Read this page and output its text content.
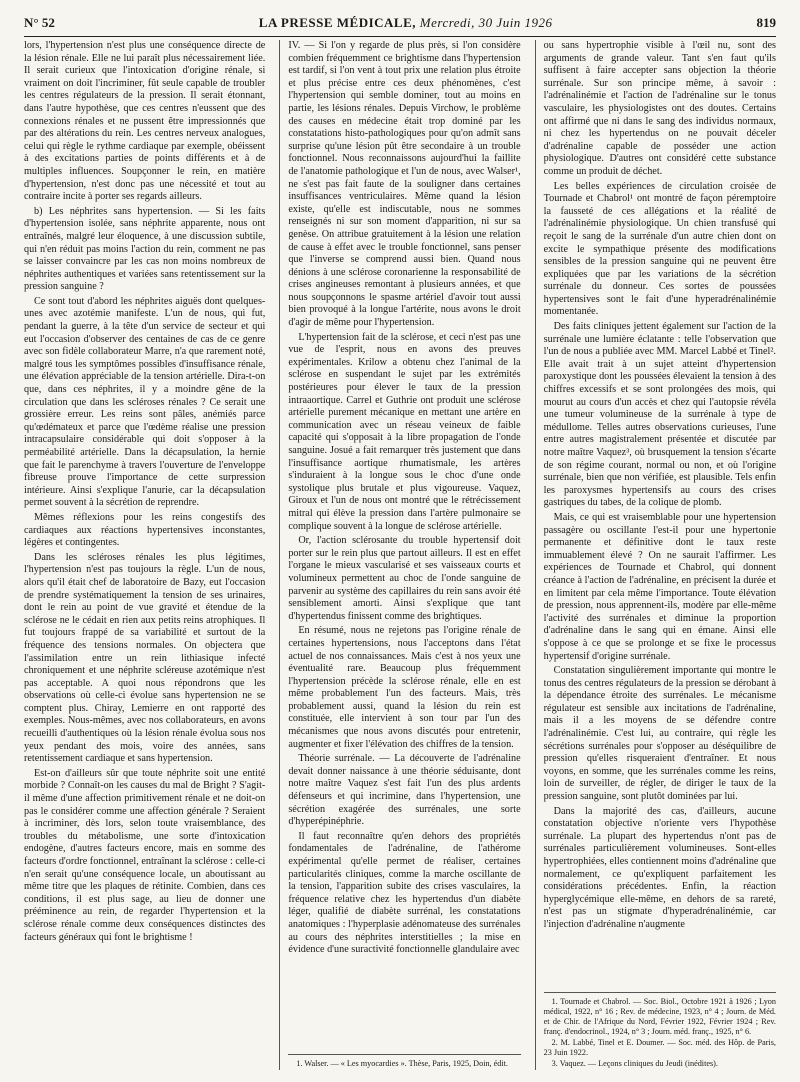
N° 52	LA PRESSE MÉDICALE, Mercredi, 30 Juin 1926	819

lors, l'hypertension n'est plus une conséquence directe de la lésion rénale. Elle ne lui paraît plus nécessairement liée. Il serait curieux que l'intoxication d'origine rénale, si vraiment on doit l'incriminer, fût seule capable de troubler les centres régulateurs de la pression. Il serait étonnant, dans l'autre hypothèse, que ces centres n'eussent que des connexions rénales et ne pussent être impressionnés que par des altérations du rein. Les centres nerveux analogues, celui qui règle le rythme cardiaque par exemple, obéissent à des excitations parties de points différents et à de multiples influences. Soupçonner le rein, en matière d'hypertension, n'est donc pas une nécessité et tout au contraire incite à porter ses regards ailleurs.

b) Les néphrites sans hypertension. — Si les faits d'hypertension isolée, sans néphrite apparente, nous ont entraînés, malgré leur éloquence, à une discussion subtile, qui n'en réduit pas moins l'action du rein, comment ne pas se laisser convaincre par les cas non moins nombreux de néphrites authentiques et variées sans retentissement sur la pression sanguine ?

Ce sont tout d'abord les néphrites aiguës dont quelques-unes avec azotémie manifeste. L'un de nous, qui fut, pendant la guerre, à la tête d'un service de secteur et qui eut l'occasion d'observer des centaines de cas de ce genre avec son fidèle collaborateur Marre, n'a que rarement noté, malgré tous les symptômes possibles d'insuffisance rénale, une élévation appréciable de la tension artérielle. Dira-t-on que, dans ces néphrites, il y a moindre gêne de la circulation que dans les scléroses rénales ? Ce serait une grossière erreur. Les reins sont pâles, anémiés parce qu'œdémateux et parce que l'œdème réalise une pression intracapsulaire considérable qui doit s'opposer à la perméabilité artérielle. Dans la décapsulation, la hernie que fait le parenchyme à travers l'ouverture de l'enveloppe fibreuse prouve l'importance de cette surpression intérieure. Ainsi s'explique l'anurie, car la décapsulation permet souvent à la sécrétion de reprendre.

Mêmes réflexions pour les reins congestifs des cardiaques aux réactions hypertensives inconstantes, légères et contingentes.

Dans les scléroses rénales les plus légitimes, l'hypertension n'est pas toujours la règle. L'un de nous, alors qu'il était chef de laboratoire de Bazy, eut l'occasion de prendre systématiquement la tension de ses urinaires, dont le rein au point de vue gravité et étendue de la sclérose ne le cédait en rien aux petits reins atrophiques. Il fut toujours frappé de sa variabilité et surtout de la fréquence des tensions normales. On objectera que l'assimilation entre un rein lithiasique infecté chroniquement et une néphrite scléreuse azotémique n'est pas acceptable. A quoi nous répondrons que les observations où celle-ci évolue sans hypertension ne se comptent plus. Chiray, Lemierre en ont rapporté des exemples. Nous-mêmes, avec nos collaborateurs, en avons recueilli d'authentiques où la lésion rénale évolua sous nos yeux pendant des mois, voire des années, sans retentissement cardiaque et sans hypertension.

Est-on d'ailleurs sûr que toute néphrite soit une entité morbide ? Connaît-on les causes du mal de Bright ? S'agit-il même d'une affection primitivement rénale et ne doit-on pas le considérer comme une affection générale ? Seraient à incriminer, dès lors, selon toute vraisemblance, des troubles du métabolisme, une sorte d'intoxication endogène, d'autres facteurs encore, mais en somme des facteurs d'ordre fonctionnel, entraînant la sclérose : celle-ci n'en serait qu'une conséquence locale, un aboutissant au même titre que les plaques de rétinite. Combien, dans ces conditions, il est plus sage, au lieu de donner une prééminence au rein, de regarder l'hypertension et la sclérose rénale comme deux conséquences distinctes des facteurs généraux qui font le brightisme !

IV. — Si l'on y regarde de plus près, si l'on considère combien fréquemment ce brightisme dans l'hypertension est tardif, si l'on vent à tout prix une relation plus étroite et plus précise entre ces deux phénomènes, c'est l'hypertension qui semble dominer, tout au moins en partie, les lésions rénales. Depuis Virchow, le problème des causes en médecine était trop dominé par les constatations histo-pathologiques pour qu'on admît sans surprise qu'une lésion pût être secondaire à un trouble fonctionnel. Nous reconnaissons aujourd'hui la faillite de l'anatomie pathologique et l'un de nous, avec Walser¹, ne s'est pas fait faute de la souligner dans certaines insuffisances ventriculaires. Même quand la lésion existe, qu'elle est indiscutable, nous ne sommes renseignés ni sur son moment d'apparition, ni sur sa genèse. On attribue gratuitement à la lésion une relation de cause à effet avec le trouble fonctionnel, sans penser que l'inverse se comprend aussi bien. Quand nous dénions à une sclérose coronarienne la responsabilité de crises angineuses remontant à plusieurs années, et que nous soupçonnons le spasme artériel d'avoir tout aussi bien provoqué à la longue l'artérite, nous avons le droit d'agir de même pour l'hypertension.

L'hypertension fait de la sclérose, et ceci n'est pas une vue de l'esprit, nous en avons des preuves expérimentales. Krilow a obtenu chez l'animal de la sclérose en suspendant le sujet par les extrémités postérieures pour élever le taux de la pression intraaortique. Carrel et Guthrie ont produit une sclérose artérielle purement mécanique en mettant une artère en communication avec un réseau veineux de faible capacité qui s'opposait à la libre propagation de l'onde sanguine. Josué a fait remarquer très justement que dans l'insuffisance aortique rhumatismale, les artères s'induraient à la longue sous le choc d'une onde systolique plus brutale et plus vigoureuse. Vaquez, Giroux et l'un de nous ont montré que le rétrécissement mitral qui élève la pression dans l'artère pulmonaire se complique souvent à la longue de sclérose artérielle.

Or, l'action sclérosante du trouble hypertensif doit porter sur le rein plus que partout ailleurs. Il est en effet l'organe le mieux vascularisé et ses vaisseaux courts et volumineux permettent au choc de l'onde sanguine de parvenir au système des capillaires du rein sans avoir été sensiblement amorti. Ainsi s'explique que tant d'hypertendus finissent comme des brightiques.

En résumé, nous ne rejetons pas l'origine rénale de certaines hypertensions, nous l'acceptons dans l'état actuel de nos connaissances. Mais c'est à nos yeux une éventualité rare. Beaucoup plus fréquemment l'hypertension précède la sclérose rénale, elle en est même probablement l'un des facteurs. Mais, très probablement aussi, quand la lésion du rein est constituée, elle intervient à son tour par l'un des mécanismes que nous avons discutés pour entretenir, augmenter et fixer l'élévation des chiffres de la tension.

Théorie surrénale. — La découverte de l'adrénaline devait donner naissance à une théorie séduisante, dont notre maître Vaquez s'est fait l'un des plus ardents défenseurs et qui incrimine, dans l'hypertension, une sécrétion exagérée des surrénales, une sorte d'hyperépinéphrie.

Il faut reconnaître qu'en dehors des propriétés fondamentales de l'adrénaline, de l'athérome expérimental qu'elle permet de réaliser, certaines particularités cliniques, comme la marche oscillante de la tension, l'apparition subite des crises vasculaires, la fréquence relative chez les hypertendus d'un diabète léger, qualifié de diabète surrénal, les constatations anatomiques : l'hyperplasie adénomateuse des surrénales au cours des néphrites interstitielles ; la mise en évidence d'une suractivité fonctionnelle glandulaire avec

1. Walser. — « Les myocardies ». Thèse, Paris, 1925, Doin, édit.

ou sans hypertrophie visible à l'œil nu, sont des arguments de grande valeur. Tant s'en faut qu'ils suffisent à faire accepter sans objection la théorie surrénale. Sur son principe même, à savoir : l'adrénalinémie et l'action de l'adrénaline sur le tonus vasculaire, les physiologistes ont des doutes. Certains ont affirmé que ni dans le sang des individus normaux, ni chez les hypertendus on ne pouvait déceler d'adrénaline capable de posséder une action physiologique. D'autres ont considéré cette substance comme un produit de déchet.

Les belles expériences de circulation croisée de Tournade et Chabrol¹ ont montré de façon péremptoire la fausseté de ces allégations et la réalité de l'adrénalinémie physiologique. Un chien transfusé qui reçoit le sang de la surrénale d'un autre chien dont on excite le sympathique présente des modifications sensibles de la pression sanguine qui ne peuvent être expliquées que par les variations de la sécrétion surrénale du donneur. Ces sortes de poussées hypertensives sont le fait d'une hyperadrénalinémie momentanée.

Des faits cliniques jettent également sur l'action de la surrénale une lumière éclatante : telle l'observation que l'un de nous a publiée avec MM. Marcel Labbé et Tinel². Elle avait trait à un sujet atteint d'hypertension paroxystique dont les poussées élevaient la tension à des chiffres excessifs et se sont prolongées des mois, qui mourut au cours d'un accès et chez qui l'autopsie révéla une tumeur volumineuse de la surrénale à type de médullome. Telles autres observations curieuses, l'une entre autres magistralement présentée et discutée par notre maître Vaquez³, où brusquement la tension s'écarte de son régime courant, normal ou non, et où l'origine surrénale, bien que non vérifiée, est plausible. Tels enfin les paroxysmes hypertensifs au cours des crises gastriques du tabes, de la colique de plomb.

Mais, ce qui est vraisemblable pour une hypertension passagère ou oscillante l'est-il pour une hypertonie permanente et définitive dont le taux reste immuablement élevé ? On ne saurait l'affirmer. Les expériences de Tournade et Chabrol, qui donnent créance à l'action de l'adrénaline, en précisent la durée et en limitent par cela même l'importance. Toute élévation de pression, nous apprennent-ils, modère par elle-même l'activité des surrénales et diminue la proportion d'adrénaline dans le sang qui en émane. Ainsi elle s'oppose à ce que se prolonge et se fixe le processus hypertensif d'origine surrénale.

Constatation singulièrement importante qui montre le tonus des centres régulateurs de la pression se dérobant à la dépendance étroite des surrénales. Le mécanisme régulateur est sensible aux incitations de l'adrénaline, mais il a les moyens de se défendre contre l'adrénalinémie. C'est lui, au contraire, qui règle les sécrétions surrénales pour s'opposer au déséquilibre de pression qu'elles risqueraient d'entraîner. Et nous voyons, en somme, que les surrénales comme les reins, loin de surveiller, de régler, de diriger le taux de la pression sanguine, sont plutôt dominées par lui.

Dans la majorité des cas, d'ailleurs, aucune constatation objective n'oriente vers l'hypothèse surrénale. La plupart des hypertendus n'ont pas de surrénales particulièrement volumineuses. Sont-elles hypertrophiées, elles contiennent moins d'adrénaline que normalement, ce qu'expliquent parfaitement les considérations précédentes. Enfin, la réaction hyperglycémique elle-même, en dehors de sa rareté, n'est pas un stigmate d'hyperadrénalinémie, car l'injection d'adrénaline n'augmente

1. Tournade et Chabrol. — Soc. Biol., Octobre 1921 à 1926 ; Lyon médical, 1922, n° 16 ; Rev. de médecine, 1923, n° 4 ; Journ. de Méd. et de Chir. de l'Afrique du Nord, Février 1922, Février 1924 ; Rev. franç. d'endocrinol., 1924, n° 3 ; Journ. méd. franç., 1925, n° 6.

2. M. Labbé, Tinel et E. Doumer. — Soc. méd. des Hôp. de Paris, 23 Juin 1922.

3. Vaquez. — Leçons cliniques du Jeudi (inédites).
